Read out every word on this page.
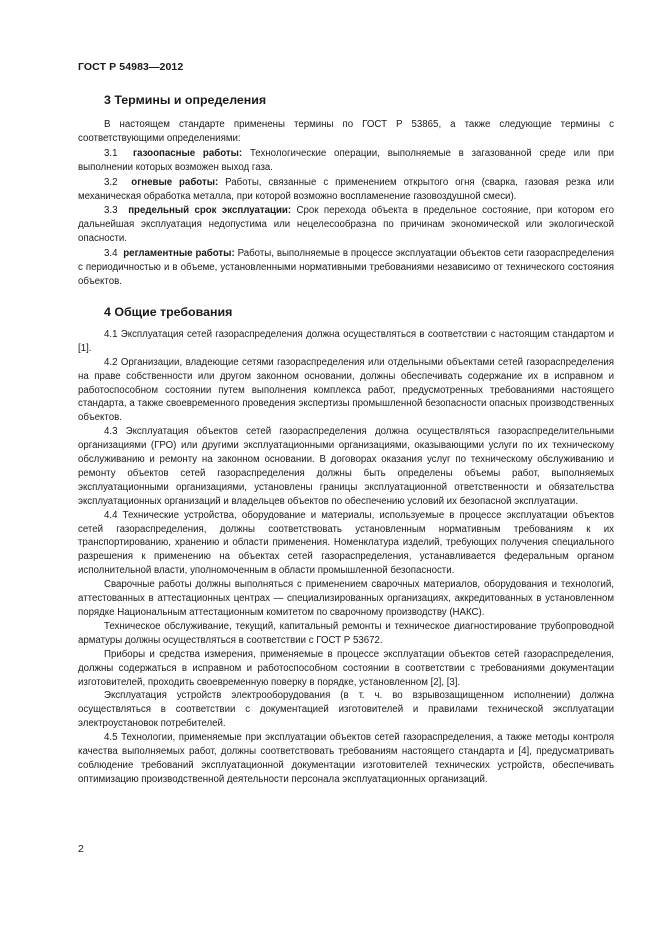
ГОСТ Р 54983—2012
3 Термины и определения

В настоящем стандарте применены термины по ГОСТ Р 53865, а также следующие термины с соответствующими определениями:

3.1 газоопасные работы: Технологические операции, выполняемые в загазованной среде или при выполнении которых возможен выход газа.

3.2 огневые работы: Работы, связанные с применением открытого огня (сварка, газовая резка или механическая обработка металла, при которой возможно воспламенение газовоздушной смеси).

3.3 предельный срок эксплуатации: Срок перехода объекта в предельное состояние, при котором его дальнейшая эксплуатация недопустима или нецелесообразна по причинам экономической или экологической опасности.

3.4 регламентные работы: Работы, выполняемые в процессе эксплуатации объектов сети газораспределения с периодичностью и в объеме, установленными нормативными требованиями независимо от технического состояния объектов.

4 Общие требования

4.1 Эксплуатация сетей газораспределения должна осуществляться в соответствии с настоящим стандартом и [1].

4.2 Организации, владеющие сетями газораспределения или отдельными объектами сетей газораспределения на праве собственности или другом законном основании, должны обеспечивать содержание их в исправном и работоспособном состоянии путем выполнения комплекса работ, предусмотренных требованиями настоящего стандарта, а также своевременного проведения экспертизы промышленной безопасности опасных производственных объектов.

4.3 Эксплуатация объектов сетей газораспределения должна осуществляться газораспределительными организациями (ГРО) или другими эксплуатационными организациями, оказывающими услуги по их техническому обслуживанию и ремонту на законном основании. В договорах оказания услуг по техническому обслуживанию и ремонту объектов сетей газораспределения должны быть определены объемы работ, выполняемых эксплуатационными организациями, установлены границы эксплуатационной ответственности и обязательства эксплуатационных организаций и владельцев объектов по обеспечению условий их безопасной эксплуатации.

4.4 Технические устройства, оборудование и материалы, используемые в процессе эксплуатации объектов сетей газораспределения, должны соответствовать установленным нормативным требованиям к их транспортированию, хранению и области применения. Номенклатура изделий, требующих получения специального разрешения к применению на объектах сетей газораспределения, устанавливается федеральным органом исполнительной власти, уполномоченным в области промышленной безопасности.

Сварочные работы должны выполняться с применением сварочных материалов, оборудования и технологий, аттестованных в аттестационных центрах — специализированных организациях, аккредитованных в установленном порядке Национальным аттестационным комитетом по сварочному производству (НАКС).

Техническое обслуживание, текущий, капитальный ремонты и техническое диагностирование трубопроводной арматуры должны осуществляться в соответствии с ГОСТ Р 53672.

Приборы и средства измерения, применяемые в процессе эксплуатации объектов сетей газораспределения, должны содержаться в исправном и работоспособном состоянии в соответствии с требованиями документации изготовителей, проходить своевременную поверку в порядке, установленном [2], [3].

Эксплуатация устройств электрооборудования (в т. ч. во взрывозащищенном исполнении) должна осуществляться в соответствии с документацией изготовителей и правилами технической эксплуатации электроустановок потребителей.

4.5 Технологии, применяемые при эксплуатации объектов сетей газораспределения, а также методы контроля качества выполняемых работ, должны соответствовать требованиям настоящего стандарта и [4], предусматривать соблюдение требований эксплуатационной документации изготовителей технических устройств, обеспечивать оптимизацию производственной деятельности персонала эксплуатационных организаций.

2
